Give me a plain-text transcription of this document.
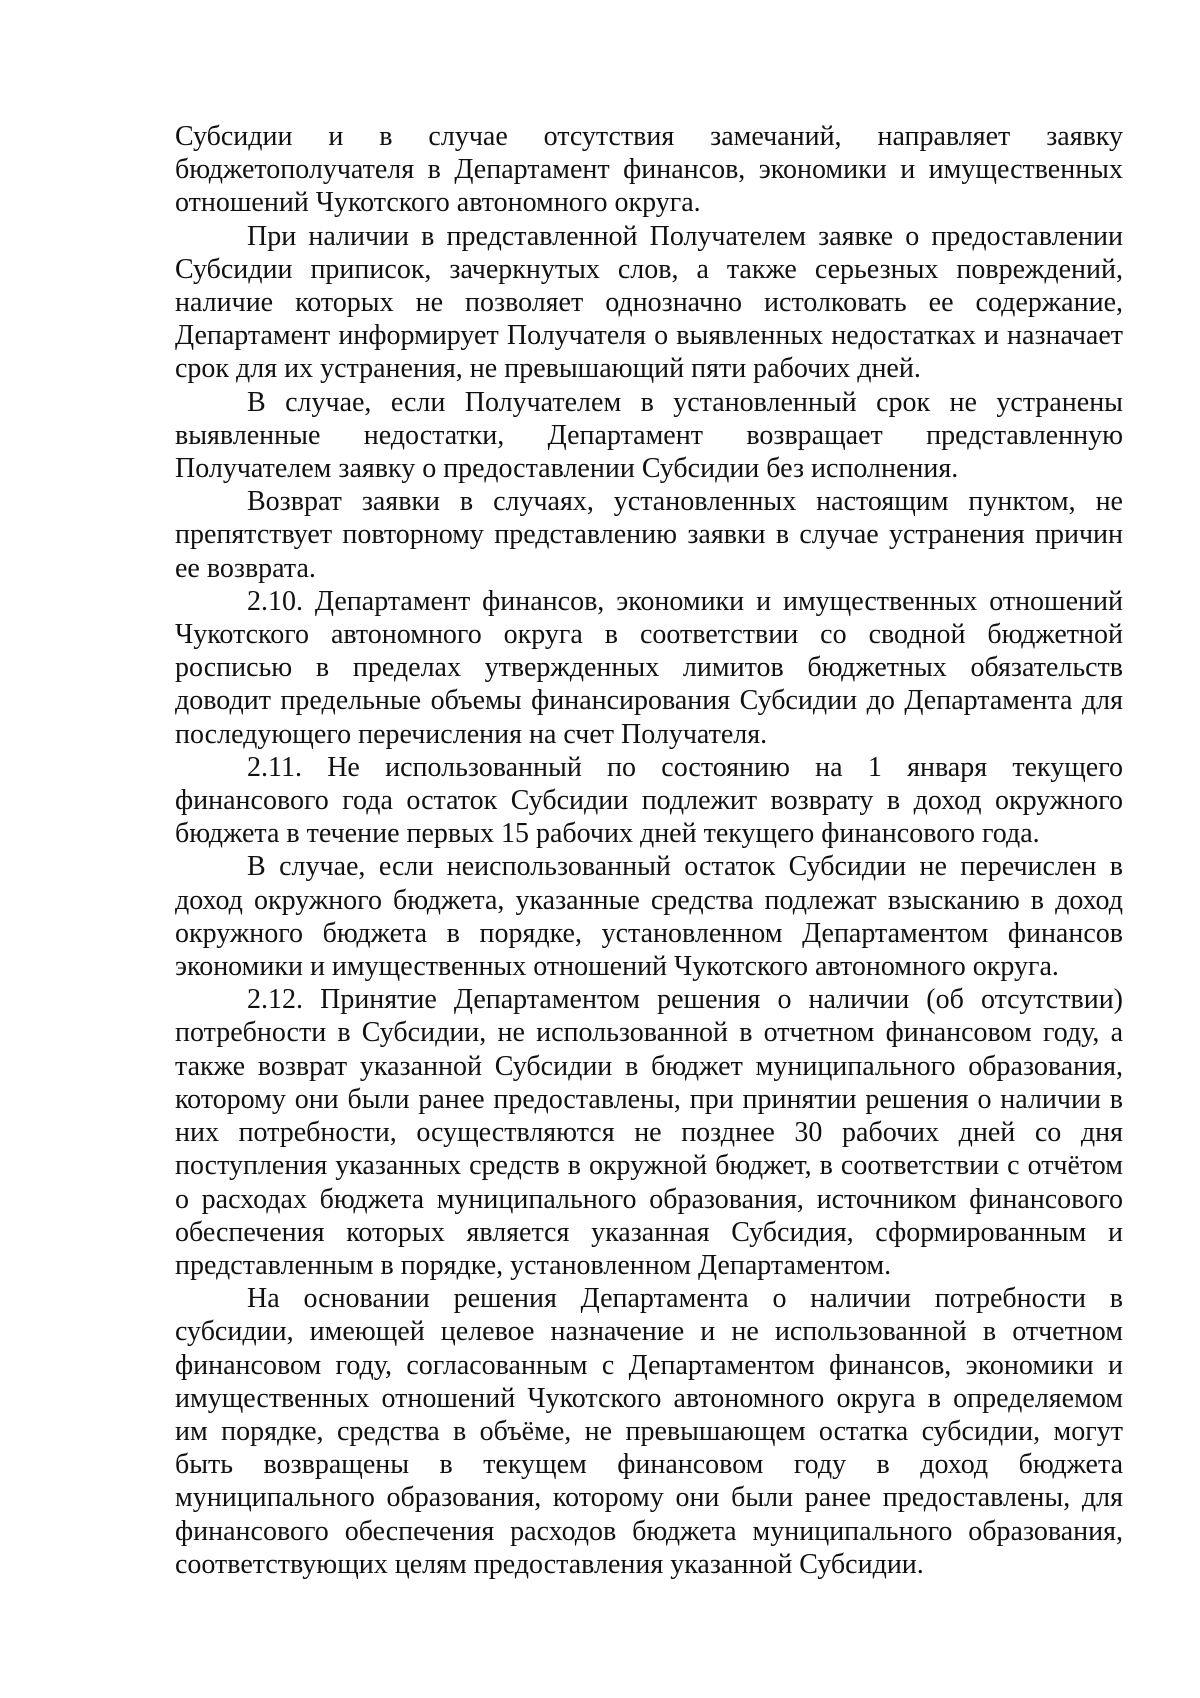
Субсидии и в случае отсутствия замечаний, направляет заявку бюджетополучателя в Департамент финансов, экономики и имущественных отношений Чукотского автономного округа.

При наличии в представленной Получателем заявке о предоставлении Субсидии приписок, зачеркнутых слов, а также серьезных повреждений, наличие которых не позволяет однозначно истолковать ее содержание, Департамент информирует Получателя о выявленных недостатках и назначает срок для их устранения, не превышающий пяти рабочих дней.

В случае, если Получателем в установленный срок не устранены выявленные недостатки, Департамент возвращает представленную Получателем заявку о предоставлении Субсидии без исполнения.

Возврат заявки в случаях, установленных настоящим пунктом, не препятствует повторному представлению заявки в случае устранения причин ее возврата.

2.10. Департамент финансов, экономики и имущественных отношений Чукотского автономного округа в соответствии со сводной бюджетной росписью в пределах утвержденных лимитов бюджетных обязательств доводит предельные объемы финансирования Субсидии до Департамента для последующего перечисления на счет Получателя.

2.11. Не использованный по состоянию на 1 января текущего финансового года остаток Субсидии подлежит возврату в доход окружного бюджета в течение первых 15 рабочих дней текущего финансового года.

В случае, если неиспользованный остаток Субсидии не перечислен в доход окружного бюджета, указанные средства подлежат взысканию в доход окружного бюджета в порядке, установленном Департаментом финансов экономики и имущественных отношений Чукотского автономного округа.

2.12. Принятие Департаментом решения о наличии (об отсутствии) потребности в Субсидии, не использованной в отчетном финансовом году, а также возврат указанной Субсидии в бюджет муниципального образования, которому они были ранее предоставлены, при принятии решения о наличии в них потребности, осуществляются не позднее 30 рабочих дней со дня поступления указанных средств в окружной бюджет, в соответствии с отчётом о расходах бюджета муниципального образования, источником финансового обеспечения которых является указанная Субсидия, сформированным и представленным в порядке, установленном Департаментом.

На основании решения Департамента о наличии потребности в субсидии, имеющей целевое назначение и не использованной в отчетном финансовом году, согласованным с Департаментом финансов, экономики и имущественных отношений Чукотского автономного округа в определяемом им порядке, средства в объёме, не превышающем остатка субсидии, могут быть возвращены в текущем финансовом году в доход бюджета муниципального образования, которому они были ранее предоставлены, для финансового обеспечения расходов бюджета муниципального образования, соответствующих целям предоставления указанной Субсидии.
